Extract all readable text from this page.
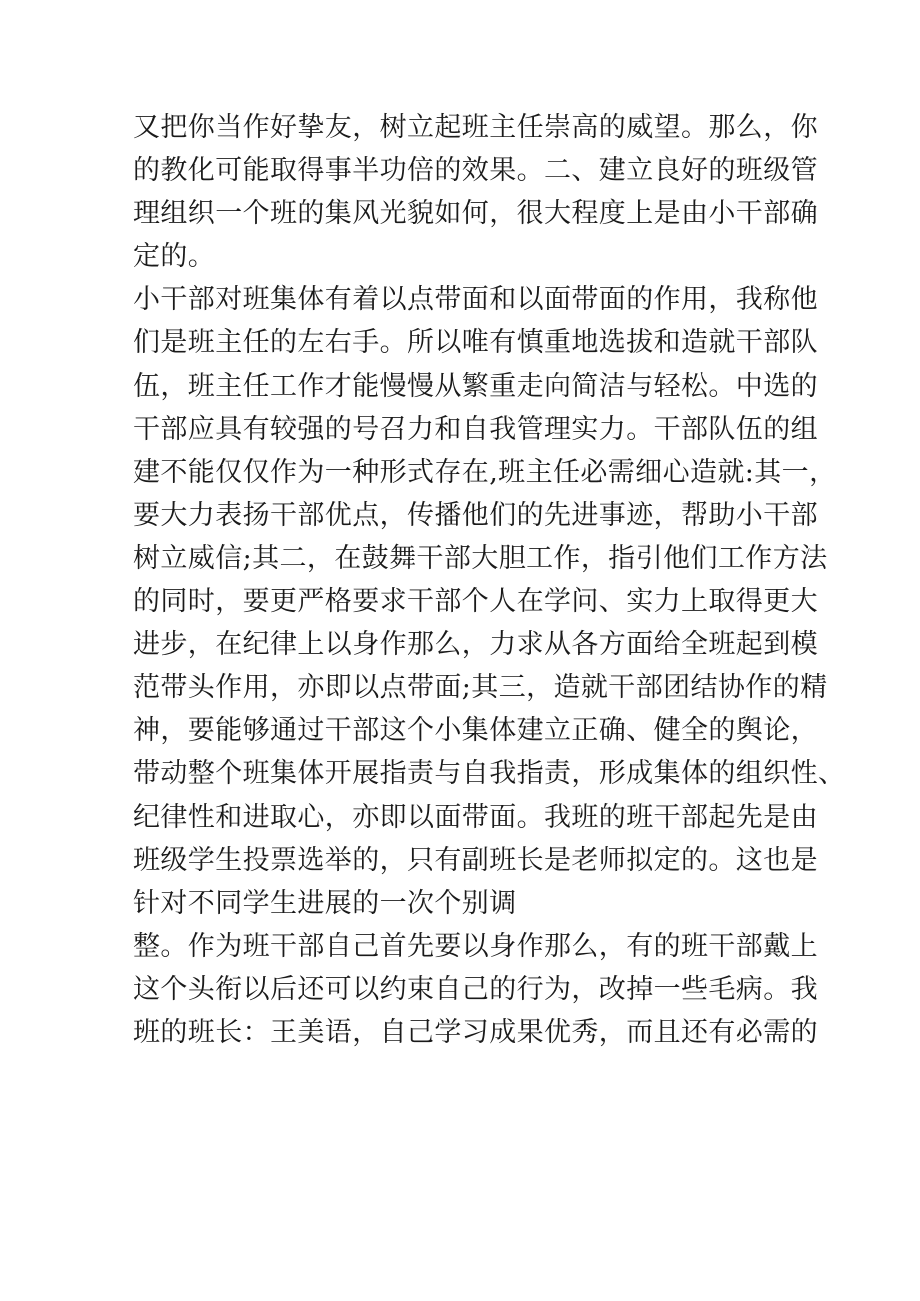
又把你当作好挚友，树立起班主任崇高的威望。那么，你
的教化可能取得事半功倍的效果。二、建立良好的班级管
理组织一个班的集风光貌如何，很大程度上是由小干部确
定的。
小干部对班集体有着以点带面和以面带面的作用，我称他
们是班主任的左右手。所以唯有慎重地选拔和造就干部队
伍，班主任工作才能慢慢从繁重走向简洁与轻松。中选的
干部应具有较强的号召力和自我管理实力。干部队伍的组
建不能仅仅作为一种形式存在,班主任必需细心造就:其一，
要大力表扬干部优点，传播他们的先进事迹，帮助小干部
树立威信;其二，在鼓舞干部大胆工作，指引他们工作方法
的同时，要更严格要求干部个人在学问、实力上取得更大
进步，在纪律上以身作那么，力求从各方面给全班起到模
范带头作用，亦即以点带面;其三，造就干部团结协作的精
神，要能够通过干部这个小集体建立正确、健全的舆论，
带动整个班集体开展指责与自我指责，形成集体的组织性、
纪律性和进取心，亦即以面带面。我班的班干部起先是由
班级学生投票选举的，只有副班长是老师拟定的。这也是
针对不同学生进展的一次个别调
整。作为班干部自己首先要以身作那么，有的班干部戴上
这个头衔以后还可以约束自己的行为，改掉一些毛病。我
班的班长：王美语，自己学习成果优秀，而且还有必需的
